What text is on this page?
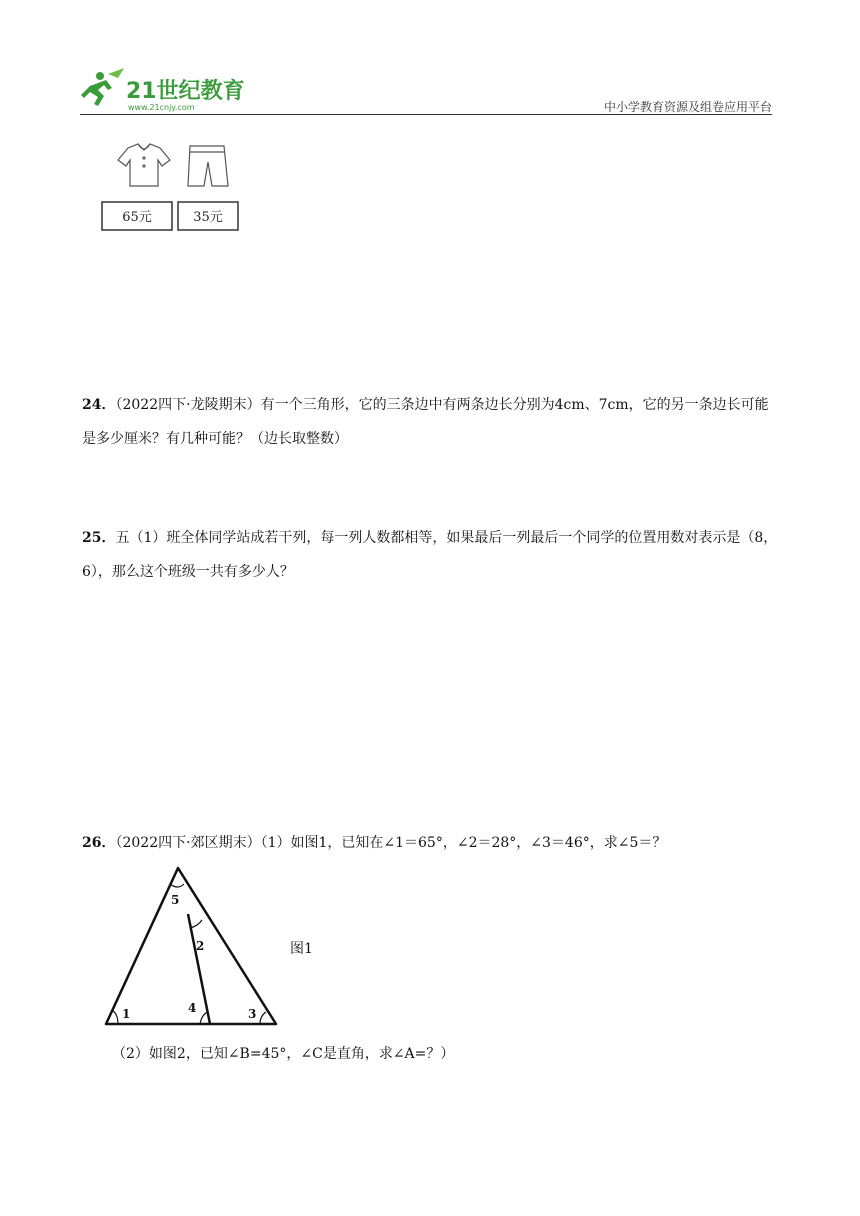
21世纪教育
www.21cnjy.com	中小学教育资源及组卷应用平台
65元	35元
24．（2022四下·龙陵期末）有一个三角形，它的三条边中有两条边长分别为4cm、7cm，它的另一条边长可能是多少厘米？有几种可能？（边长取整数）
25．五（1）班全体同学站成若干列，每一列人数都相等，如果最后一列最后一个同学的位置用数对表示是（8，6），那么这个班级一共有多少人？
26．（2022四下·郊区期末）（1）如图1，已知在∠1＝65°，∠2＝28°，∠3＝46°，求∠5＝？
5
2
1	4	3
图1
（2）如图2，已知∠B=45°，∠C是直角，求∠A=？）
